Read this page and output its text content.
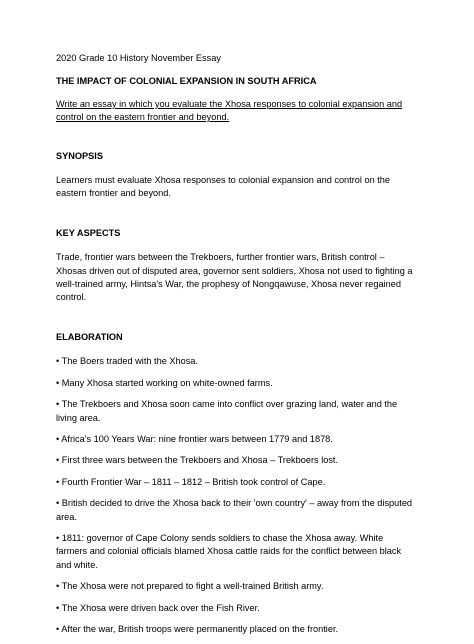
2020 Grade 10 History November Essay

THE IMPACT OF COLONIAL EXPANSION IN SOUTH AFRICA

Write an essay in which you evaluate the Xhosa responses to colonial expansion and control on the eastern frontier and beyond.

SYNOPSIS

Learners must evaluate Xhosa responses to colonial expansion and control on the eastern frontier and beyond.

KEY ASPECTS

Trade, frontier wars between the Trekboers, further frontier wars, British control – Xhosas driven out of disputed area, governor sent soldiers, Xhosa not used to fighting a well-trained army, Hintsa's War, the prophesy of Nongqawuse, Xhosa never regained control.

ELABORATION

• The Boers traded with the Xhosa.
• Many Xhosa started working on white-owned farms.
• The Trekboers and Xhosa soon came into conflict over grazing land, water and the living area.
• Africa's 100 Years War: nine frontier wars between 1779 and 1878.
• First three wars between the Trekboers and Xhosa – Trekboers lost.
• Fourth Frontier War – 1811 – 1812 – British took control of Cape.
• British decided to drive the Xhosa back to their 'own country' – away from the disputed area.
• 1811: governor of Cape Colony sends soldiers to chase the Xhosa away. White farmers and colonial officials blamed Xhosa cattle raids for the conflict between black and white.
• The Xhosa were not prepared to fight a well-trained British army.
• The Xhosa were driven back over the Fish River.
• After the war, British troops were permanently placed on the frontier.
